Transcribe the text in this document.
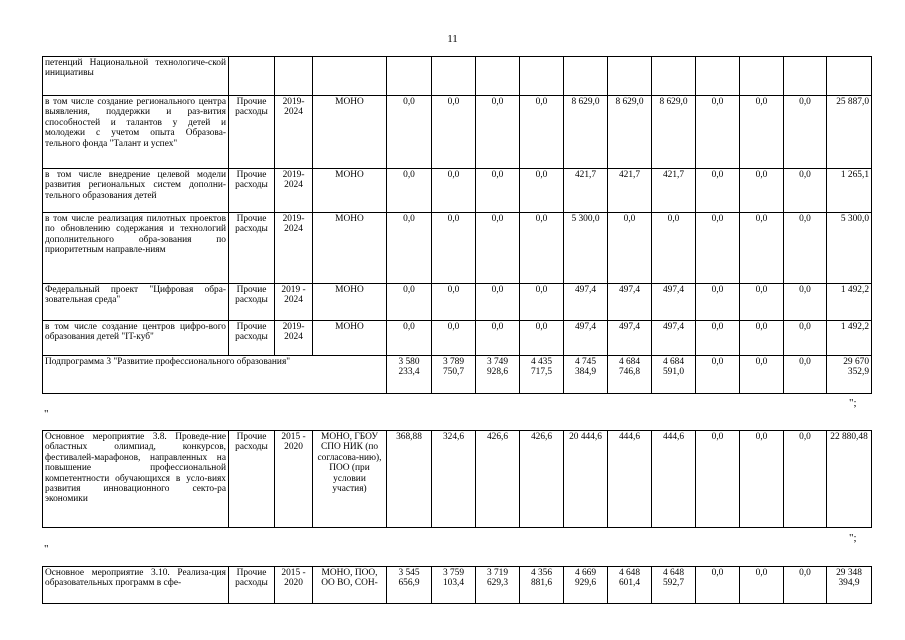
11
петенций Национальной технологиче-ской инициативы														
в том числе создание регионального центра выявления, поддержки и раз-вития способностей и талантов у детей и молодежи с учетом опыта Образова-тельного фонда "Талант и успех"	Прочие расходы	2019-2024	МОНО	0,0	0,0	0,0	0,0	8 629,0	8 629,0	8 629,0	0,0	0,0	0,0	25 887,0
в том числе внедрение целевой модели развития региональных систем дополни-тельного образования детей	Прочие расходы	2019-2024	МОНО	0,0	0,0	0,0	0,0	421,7	421,7	421,7	0,0	0,0	0,0	1 265,1
в том числе реализация пилотных проектов по обновлению содержания и технологий дополнительного обра-зования по приоритетным направле-ниям	Прочие расходы	2019-2024	МОНО	0,0	0,0	0,0	0,0	5 300,0	0,0	0,0	0,0	0,0	0,0	5 300,0
Федеральный проект "Цифровая обра-зовательная среда"	Прочие расходы	2019 - 2024	МОНО	0,0	0,0	0,0	0,0	497,4	497,4	497,4	0,0	0,0	0,0	1 492,2
в том числе создание центров цифро-вого образования детей "IT-куб"	Прочие расходы	2019- 2024	МОНО	0,0	0,0	0,0	0,0	497,4	497,4	497,4	0,0	0,0	0,0	1 492,2
Подпрограмма 3 "Развитие профессионального образования"				3 580 233,4	3 789 750,7	3 749 928,6	4 435 717,5	4 745 384,9	4 684 746,8	4 684 591,0	0,0	0,0	0,0	29 670 352,9
";
"
Основное мероприятие 3.8. Проведе-ние областных олимпиад, конкурсов, фестивалей-марафонов, направленных на повышение профессиональной компетентности обучающихся в усло-виях развития инновационного секто-ра экономики	Прочие расходы	2015 - 2020	МОНО, ГБОУ СПО НИК (по согласова-нию), ПОО (при условии участия)	368,88	324,6	426,6	426,6	20 444,6	444,6	444,6	0,0	0,0	0,0	22 880,48
";
"
Основное мероприятие 3.10. Реализа-ция образовательных программ в сфе-	Прочие расходы	2015 - 2020	МОНО, ПОО, ОО ВО, СОН-	3 545 656,9	3 759 103,4	3 719 629,3	4 356 881,6	4 669 929,6	4 648 601,4	4 648 592,7	0,0	0,0	0,0	29 348 394,9
